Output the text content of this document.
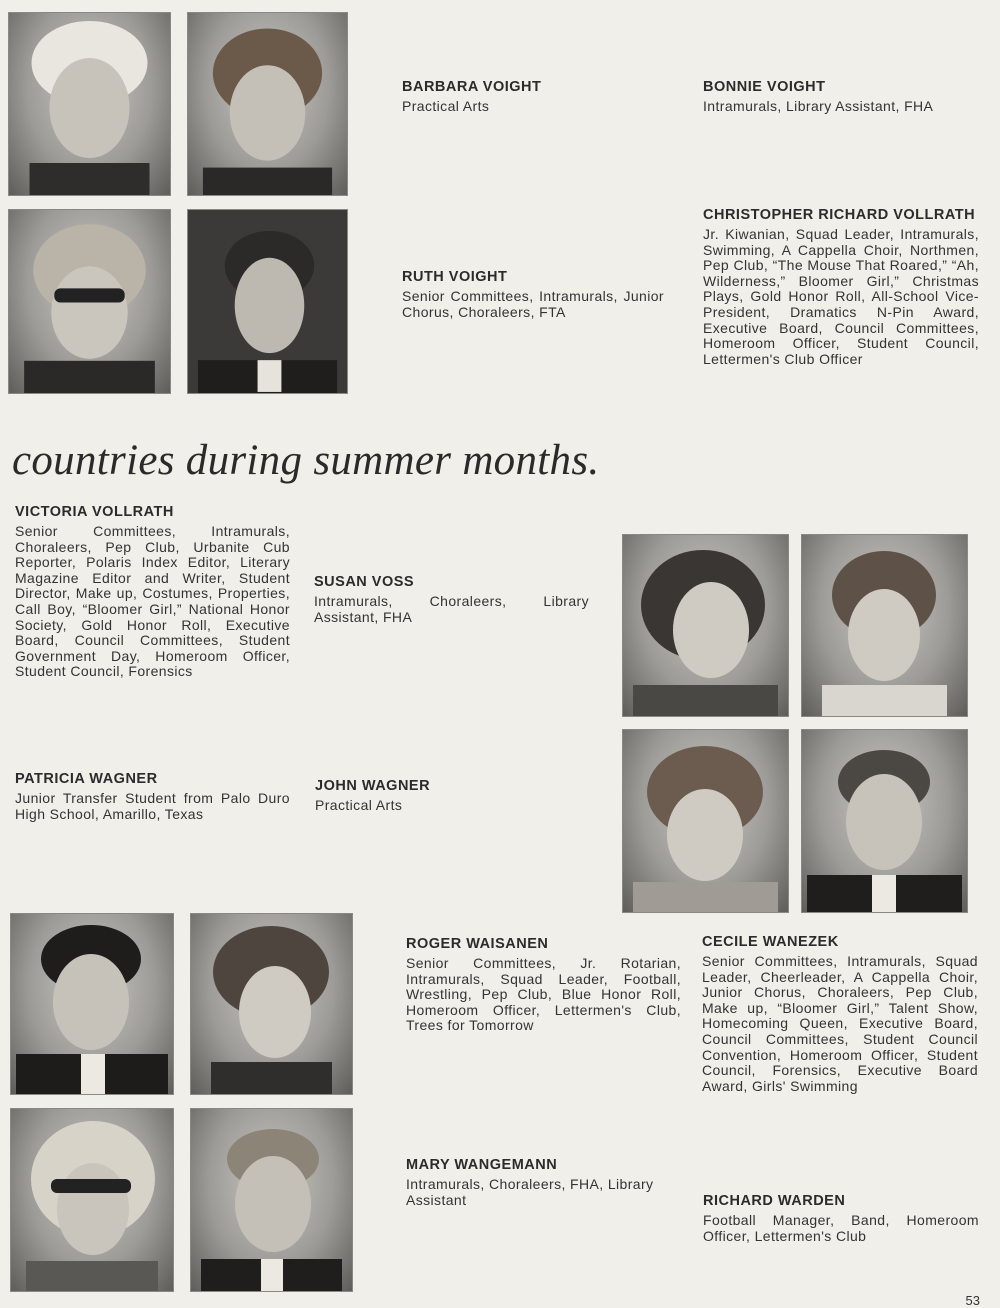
BARBARA VOIGHT
Practical Arts
BONNIE VOIGHT
Intramurals, Library Assistant, FHA
RUTH VOIGHT
Senior Committees, Intramurals, Junior Chorus, Choraleers, FTA
CHRISTOPHER RICHARD VOLLRATH
Jr. Kiwanian, Squad Leader, Intramurals, Swimming, A Cappella Choir, Northmen, Pep Club, “The Mouse That Roared,” “Ah, Wilderness,” Bloomer Girl,” Christmas Plays, Gold Honor Roll, All-School Vice-President, Dramatics N-Pin Award, Executive Board, Council Committees, Homeroom Officer, Student Council, Lettermen's Club Officer
countries during summer months.
VICTORIA VOLLRATH
Senior Committees, Intramurals, Choraleers, Pep Club, Urbanite Cub Reporter, Polaris Index Editor, Literary Magazine Editor and Writer, Student Director, Make up, Costumes, Properties, Call Boy, “Bloomer Girl,” National Honor Society, Gold Honor Roll, Executive Board, Council Committees, Student Government Day, Homeroom Officer, Student Council, Forensics
SUSAN VOSS
Intramurals, Choraleers, Library Assistant, FHA
PATRICIA WAGNER
Junior Transfer Student from Palo Duro High School, Amarillo, Texas
JOHN WAGNER
Practical Arts
ROGER WAISANEN
Senior Committees, Jr. Rotarian, Intramurals, Squad Leader, Football, Wrestling, Pep Club, Blue Honor Roll, Homeroom Officer, Lettermen's Club, Trees for Tomorrow
CECILE WANEZEK
Senior Committees, Intramurals, Squad Leader, Cheerleader, A Cappella Choir, Junior Chorus, Choraleers, Pep Club, Make up, “Bloomer Girl,” Talent Show, Homecoming Queen, Executive Board, Council Committees, Student Council Convention, Homeroom Officer, Student Council, Forensics, Executive Board Award, Girls' Swimming
MARY WANGEMANN
Intramurals, Choraleers, FHA, Library Assistant	RICHARD WARDEN
Football Manager, Band, Homeroom Officer, Lettermen's Club
53
